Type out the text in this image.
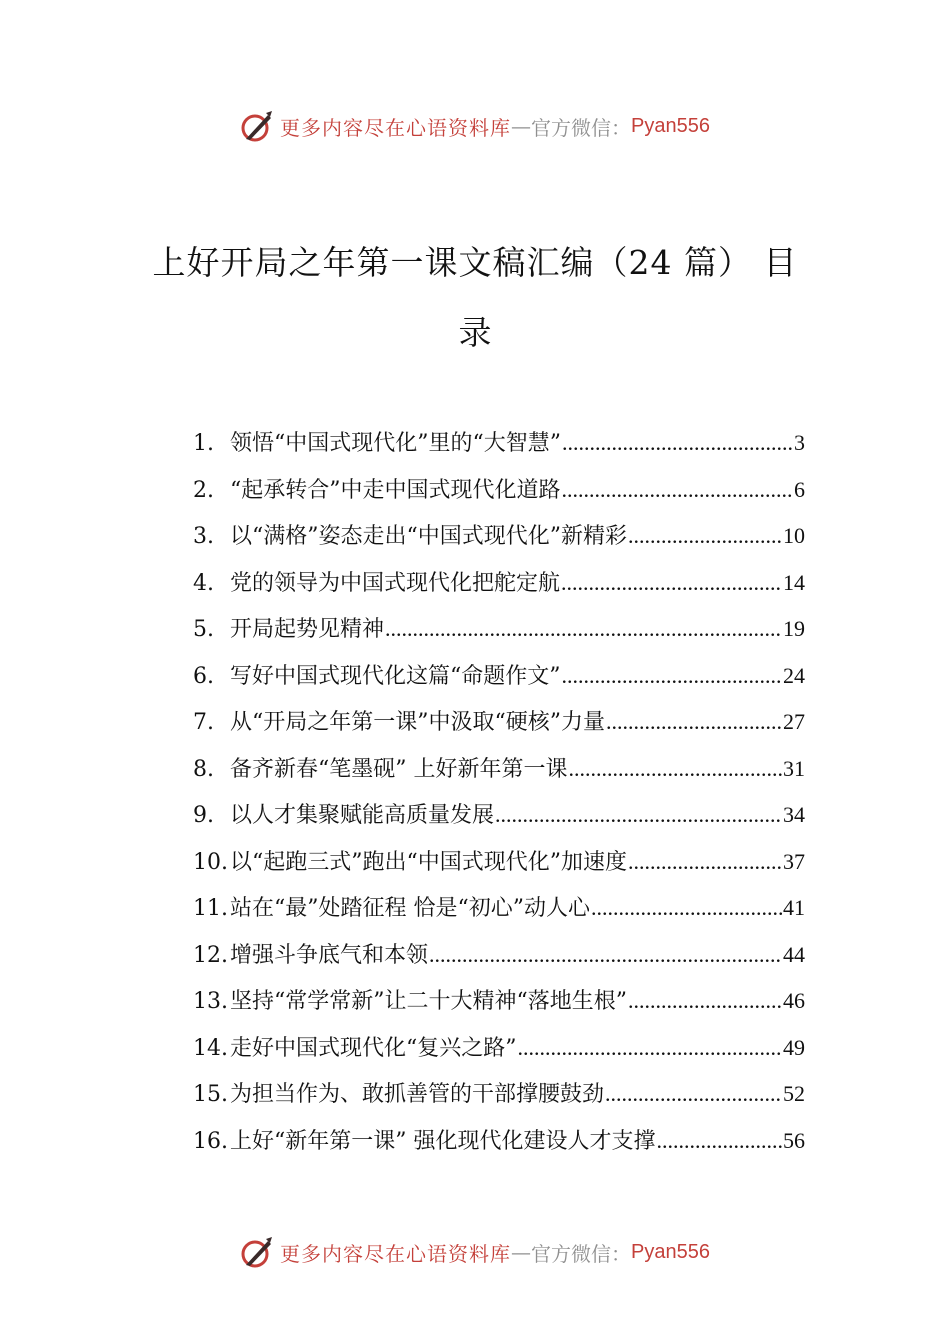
更多内容尽在心语资料库 — 官方微信： Pyan556
上好开局之年第一课文稿汇编（24 篇） 目
录
1. 领悟“中国式现代化”里的“大智慧” .....	3
2. “起承转合”中走中国式现代化道路 .....	6
3. 以“满格”姿态走出“中国式现代化”新精彩 .....	10
4. 党的领导为中国式现代化把舵定航 .....	14
5. 开局起势见精神 .....	19
6. 写好中国式现代化这篇“命题作文” .....	24
7. 从“开局之年第一课”中汲取“硬核”力量 .....	27
8. 备齐新春“笔墨砚” 上好新年第一课 .....	31
9. 以人才集聚赋能高质量发展 .....	34
10. 以“起跑三式”跑出“中国式现代化”加速度 .....	37
11. 站在“最”处踏征程 恰是“初心”动人心 .....	41
12. 增强斗争底气和本领 .....	44
13. 坚持“常学常新”让二十大精神“落地生根” .....	46
14. 走好中国式现代化“复兴之路” .....	49
15. 为担当作为、敢抓善管的干部撑腰鼓劲 .....	52
16. 上好“新年第一课” 强化现代化建设人才支撑 .....	56
更多内容尽在心语资料库 — 官方微信： Pyan556
